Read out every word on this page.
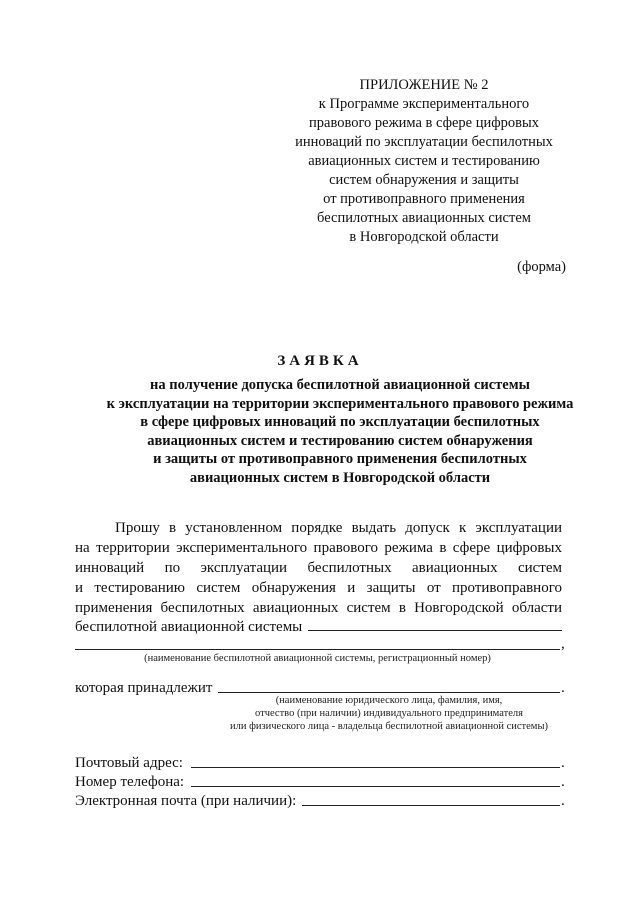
ПРИЛОЖЕНИЕ № 2
к Программе экспериментального
правового режима в сфере цифровых
инноваций по эксплуатации беспилотных
авиационных систем и тестированию
систем обнаружения и защиты
от противоправного применения
беспилотных авиационных систем
в Новгородской области
(форма)
ЗАЯВКА
на получение допуска беспилотной авиационной системы
к эксплуатации на территории экспериментального правового режима
в сфере цифровых инноваций по эксплуатации беспилотных
авиационных систем и тестированию систем обнаружения
и защиты от противоправного применения беспилотных
авиационных систем в Новгородской области
Прошу в установленном порядке выдать допуск к эксплуатации
на территории экспериментального правового режима в сфере цифровых
инноваций по эксплуатации беспилотных авиационных систем
и тестированию систем обнаружения и защиты от противоправного
применения беспилотных авиационных систем в Новгородской области
беспилотной авиационной системы
,
(наименование беспилотной авиационной системы, регистрационный номер)
которая принадлежит	.
(наименование юридического лица, фамилия, имя,
отчество (при наличии) индивидуального предпринимателя
или физического лица - владельца беспилотной авиационной системы)
Почтовый адрес:	.
Номер телефона:	.
Электронная почта (при наличии):	.
